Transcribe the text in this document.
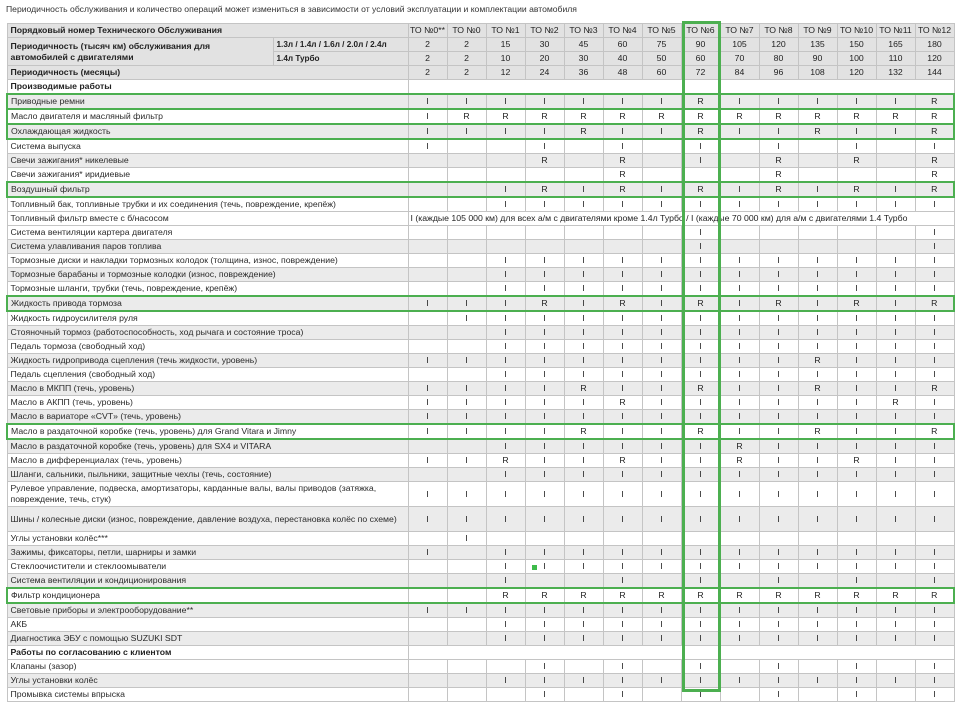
Периодичность обслуживания и количество операций может измениться в зависимости от условий эксплуатации и комплектации автомобиля
Порядковый номер Технического Обслуживания		ТО №0**	ТО №0	ТО №1	ТО №2	ТО №3	ТО №4	ТО №5	ТО №6	ТО №7	ТО №8	ТО №9	ТО №10	ТО №11	ТО №12
Периодичность (тысяч км) обслуживания для автомобилей с двигателями	1.3л / 1.4л / 1.6л / 2.0л / 2.4л	2	2	15	30	45	60	75	90	105	120	135	150	165	180
	1.4л Турбо	2	2	10	20	30	40	50	60	70	80	90	100	110	120
Периодичность (месяцы)		2	2	12	24	36	48	60	72	84	96	108	120	132	144
Производимые работы															
Приводные ремни		I	I	I	I	I	I	I	R	I	I	I	I	I	R
Масло двигателя и масляный фильтр		I	R	R	R	R	R	R	R	R	R	R	R	R	R
Охлаждающая жидкость		I	I	I	I	R	I	I	R	I	I	R	I	I	R
Система выпуска		I			I		I		I		I		I		I
Свечи зажигания* никелевые					R		R		I		R		R		R
Свечи зажигания* иридиевые							R				R				R
Воздушный фильтр				I	R	I	R	I	R	I	R	I	R	I	R
Топливный бак, топливные трубки и их соединения (течь, повреждение, крепёж)				I	I	I	I	I	I	I	I	I	I	I	I
Топливный фильтр вместе с б/насосом		I (каждые 105 000 км) для всех а/м с двигателями кроме 1.4л Турбо / I (каждые 70 000 км) для а/м с двигателями 1.4 Турбо													
Система вентиляции картера двигателя									I						I
Система улавливания паров топлива									I						I
Тормозные диски и накладки тормозных колодок (толщина, износ, повреждение)				I	I	I	I	I	I	I	I	I	I	I	I
Тормозные барабаны и тормозные колодки (износ, повреждение)				I	I	I	I	I	I	I	I	I	I	I	I
Тормозные шланги, трубки (течь, повреждение, крепёж)				I	I	I	I	I	I	I	I	I	I	I	I
Жидкость привода тормоза		I	I	I	R	I	R	I	R	I	R	I	R	I	R
Жидкость гидроусилителя руля			I	I	I	I	I	I	I	I	I	I	I	I	I
Стояночный тормоз (работоспособность, ход рычага и состояние троса)				I	I	I	I	I	I	I	I	I	I	I	I
Педаль тормоза (свободный ход)				I	I	I	I	I	I	I	I	I	I	I	I
Жидкость гидропривода сцепления (течь жидкости, уровень)		I	I	I	I	I	I	I	I	I	I	R	I	I	I
Педаль сцепления (свободный ход)				I	I	I	I	I	I	I	I	I	I	I	I
Масло в МКПП (течь, уровень)		I	I	I	I	R	I	I	R	I	I	R	I	I	R
Масло в АКПП (течь, уровень)		I	I	I	I	I	R	I	I	I	I	I	I	R	I
Масло в вариаторе «CVT» (течь, уровень)		I	I	I	I	I	I	I	I	I	I	I	I	I	I
Масло в раздаточной коробке (течь, уровень) для Grand Vitara и Jimny		I	I	I	I	R	I	I	R	I	I	R	I	I	R
Масло в раздаточной коробке (течь, уровень) для SX4 и VITARA				I	I	I	I	I	I	R	I	I	I	I	I
Масло в дифференциалах (течь, уровень)		I	I	R	I	I	R	I	I	R	I	I	R	I	I
Шланги, сальники, пыльники, защитные чехлы (течь, состояние)				I	I	I	I	I	I	I	I	I	I	I	I
Рулевое управление, подвеска, амортизаторы, карданные валы, валы приводов (затяжка, повреждение, течь, стук)		I	I	I	I	I	I	I	I	I	I	I	I	I	I
Шины / колесные диски (износ, повреждение, давление воздуха, перестановка колёс по схеме)		I	I	I	I	I	I	I	I	I	I	I	I	I	I
Углы установки колёс***			I												
Зажимы, фиксаторы, петли, шарниры и замки		I		I	I	I	I	I	I	I	I	I	I	I	I
Стеклоочистители и стеклоомыватели				I	I	I	I	I	I	I	I	I	I	I	I
Система вентиляции и кондиционирования				I			I		I		I		I		I
Фильтр кондиционера				R	R	R	R	R	R	R	R	R	R	R	R
Световые приборы и электрооборудование**		I	I	I	I	I	I	I	I	I	I	I	I	I	I
АКБ				I	I	I	I	I	I	I	I	I	I	I	I
Диагностика ЭБУ с помощью SUZUKI SDT				I	I	I	I	I	I	I	I	I	I	I	I
Работы по согласованию с клиентом															
Клапаны (зазор)					I		I		I		I		I		I
Углы установки колёс				I	I	I	I	I	I	I	I	I	I	I	I
Промывка системы впрыска					I		I		I		I		I		I
